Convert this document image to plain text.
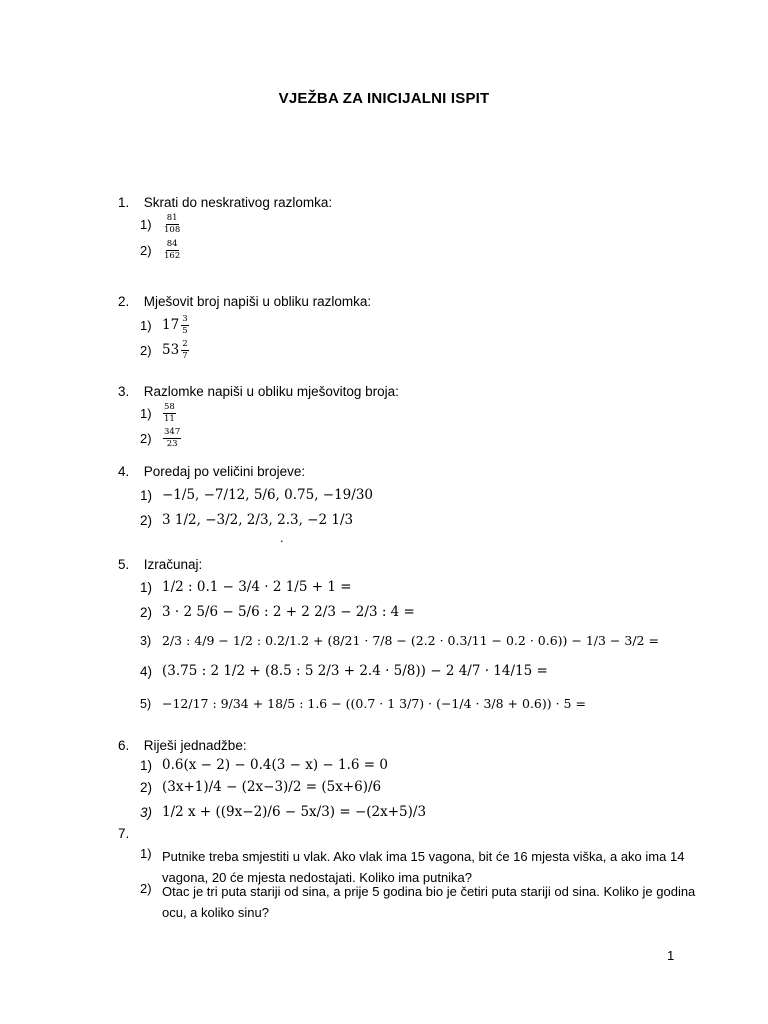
VJEŽBA ZA INICIJALNI ISPIT
1. Skrati do neskrativog razlomka:
1)	$\frac{81}{108}$
2)	$\frac{84}{162}$
2. Mješovit broj napiši u obliku razlomka:
1) $17 \frac{3}{5}$
2) $53 \frac{2}{7}$
3. Razlomke napiši u obliku mješovitog broja:
1)	$\frac{58}{11}$
2)	$\frac{347}{23}$
4. Poredaj po veličini brojeve:
1) −1/5, −7/12, 5/6, 0.75, −19/30
2) 3 1/2, −3/2, 2/3, 2.3, −2 1/3
.
5. Izračunaj:
1) 1/2 : 0.1 − 3/4 · 2 1/5 + 1 =
2) 3 · 2 5/6 − 5/6 : 2 + 2 2/3 − 2/3 : 4 =
3) 2/3 : 4/9 − 1/2 : 0.2/1.2 + (8/21 · 7/8 − (2.2 · 0.3/11 − 0.2 · 0.6)) − 1/3 − 3/2 =
4) (3.75 : 2 1/2 + (8.5 : 5 2/3 + 2.4 · 5/8)) − 2 4/7 · 14/15 =
5) −12/17 : 9/34 + 18/5 : 1.6 − ((0.7 · 1 3/7) · (−1/4 · 3/8 + 0.6)) · 5 =
6. Riješi jednadžbe:
1) 0.6(x − 2) − 0.4(3 − x) − 1.6 = 0
2) (3x+1)/4 − (2x−3)/2 = (5x+6)/6
3) 1/2 x + ((9x−2)/6 − 5x/3) = −(2x+5)/3
7.
1) Putnike treba smjestiti u vlak. Ako vlak ima 15 vagona, bit će 16 mjesta viška, a ako ima 14 vagona, 20 će mjesta nedostajati. Koliko ima putnika?
2) Otac je tri puta stariji od sina, a prije 5 godina bio je četiri puta stariji od sina. Koliko je godina ocu, a koliko sinu?
1
